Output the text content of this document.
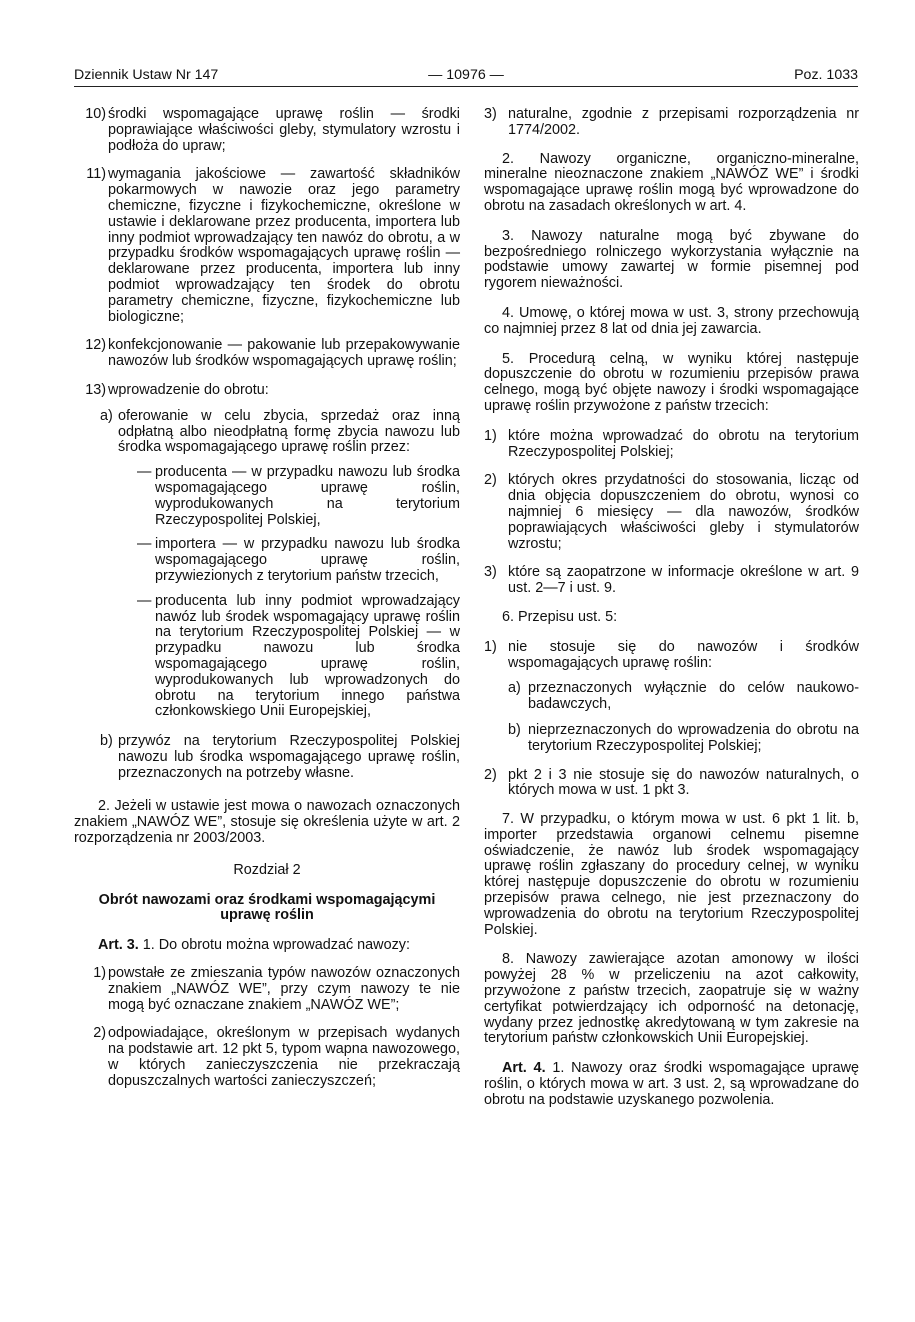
Dziennik Ustaw Nr 147	— 10976 —	Poz. 1033
10) środki wspomagające uprawę roślin — środki poprawiające właściwości gleby, stymulatory wzrostu i podłoża do upraw;

11) wymagania jakościowe — zawartość składników pokarmowych w nawozie oraz jego parametry chemiczne, fizyczne i fizykochemiczne, określone w ustawie i deklarowane przez producenta, importera lub inny podmiot wprowadzający ten nawóz do obrotu, a w przypadku środków wspomagających uprawę roślin — deklarowane przez producenta, importera lub inny podmiot wprowadzający ten środek do obrotu parametry chemiczne, fizyczne, fizykochemiczne lub biologiczne;

12) konfekcjonowanie — pakowanie lub przepakowywanie nawozów lub środków wspomagających uprawę roślin;

13) wprowadzenie do obrotu:

a) oferowanie w celu zbycia, sprzedaż oraz inną odpłatną albo nieodpłatną formę zbycia nawozu lub środka wspomagającego uprawę roślin przez:

— producenta — w przypadku nawozu lub środka wspomagającego uprawę roślin, wyprodukowanych na terytorium Rzeczypospolitej Polskiej,

— importera — w przypadku nawozu lub środka wspomagającego uprawę roślin, przywiezionych z terytorium państw trzecich,

— producenta lub inny podmiot wprowadzający nawóz lub środek wspomagający uprawę roślin na terytorium Rzeczypospolitej Polskiej — w przypadku nawozu lub środka wspomagającego uprawę roślin, wyprodukowanych lub wprowadzonych do obrotu na terytorium innego państwa członkowskiego Unii Europejskiej,

b) przywóz na terytorium Rzeczypospolitej Polskiej nawozu lub środka wspomagającego uprawę roślin, przeznaczonych na potrzeby własne.

2. Jeżeli w ustawie jest mowa o nawozach oznaczonych znakiem „NAWÓZ WE”, stosuje się określenia użyte w art. 2 rozporządzenia nr 2003/2003.

Rozdział 2
Obrót nawozami oraz środkami wspomagającymi uprawę roślin

Art. 3. 1. Do obrotu można wprowadzać nawozy:

1) powstałe ze zmieszania typów nawozów oznaczonych znakiem „NAWÓZ WE”, przy czym nawozy te nie mogą być oznaczane znakiem „NAWÓZ WE”;

2) odpowiadające, określonym w przepisach wydanych na podstawie art. 12 pkt 5, typom wapna nawozowego, w których zanieczyszczenia nie przekraczają dopuszczalnych wartości zanieczyszczeń;

3) naturalne, zgodnie z przepisami rozporządzenia nr 1774/2002.

2. Nawozy organiczne, organiczno-mineralne, mineralne nieoznaczone znakiem „NAWÓZ WE” i środki wspomagające uprawę roślin mogą być wprowadzone do obrotu na zasadach określonych w art. 4.

3. Nawozy naturalne mogą być zbywane do bezpośredniego rolniczego wykorzystania wyłącznie na podstawie umowy zawartej w formie pisemnej pod rygorem nieważności.

4. Umowę, o której mowa w ust. 3, strony przechowują co najmniej przez 8 lat od dnia jej zawarcia.

5. Procedurą celną, w wyniku której następuje dopuszczenie do obrotu w rozumieniu przepisów prawa celnego, mogą być objęte nawozy i środki wspomagające uprawę roślin przywożone z państw trzecich:

1) które można wprowadzać do obrotu na terytorium Rzeczypospolitej Polskiej;

2) których okres przydatności do stosowania, licząc od dnia objęcia dopuszczeniem do obrotu, wynosi co najmniej 6 miesięcy — dla nawozów, środków poprawiających właściwości gleby i stymulatorów wzrostu;

3) które są zaopatrzone w informacje określone w art. 9 ust. 2—7 i ust. 9.

6. Przepisu ust. 5:

1) nie stosuje się do nawozów i środków wspomagających uprawę roślin:

a) przeznaczonych wyłącznie do celów naukowo-badawczych,

b) nieprzeznaczonych do wprowadzenia do obrotu na terytorium Rzeczypospolitej Polskiej;

2) pkt 2 i 3 nie stosuje się do nawozów naturalnych, o których mowa w ust. 1 pkt 3.

7. W przypadku, o którym mowa w ust. 6 pkt 1 lit. b, importer przedstawia organowi celnemu pisemne oświadczenie, że nawóz lub środek wspomagający uprawę roślin zgłaszany do procedury celnej, w wyniku której następuje dopuszczenie do obrotu w rozumieniu przepisów prawa celnego, nie jest przeznaczony do wprowadzenia do obrotu na terytorium Rzeczypospolitej Polskiej.

8. Nawozy zawierające azotan amonowy w ilości powyżej 28 % w przeliczeniu na azot całkowity, przywożone z państw trzecich, zaopatruje się w ważny certyfikat potwierdzający ich odporność na detonację, wydany przez jednostkę akredytowaną w tym zakresie na terytorium państw członkowskich Unii Europejskiej.

Art. 4. 1. Nawozy oraz środki wspomagające uprawę roślin, o których mowa w art. 3 ust. 2, są wprowadzane do obrotu na podstawie uzyskanego pozwolenia.
